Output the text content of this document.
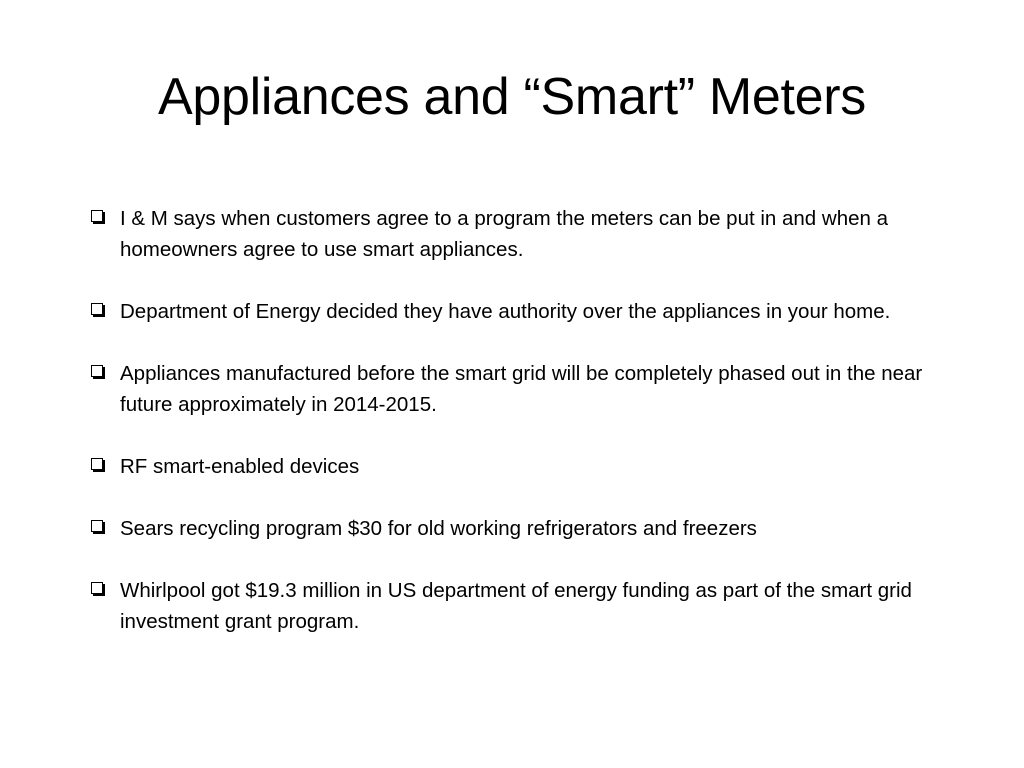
Appliances and “Smart” Meters
I & M says when customers agree to a program the meters can be put in and when a homeowners agree to use smart appliances.
Department of Energy decided they have authority over the appliances in your home.
Appliances manufactured before the smart grid will be completely phased out in the near future approximately in 2014-2015.
RF smart-enabled devices
Sears recycling program $30 for old working refrigerators and freezers
Whirlpool got $19.3 million in US department of energy funding as part of the smart grid investment grant program.
